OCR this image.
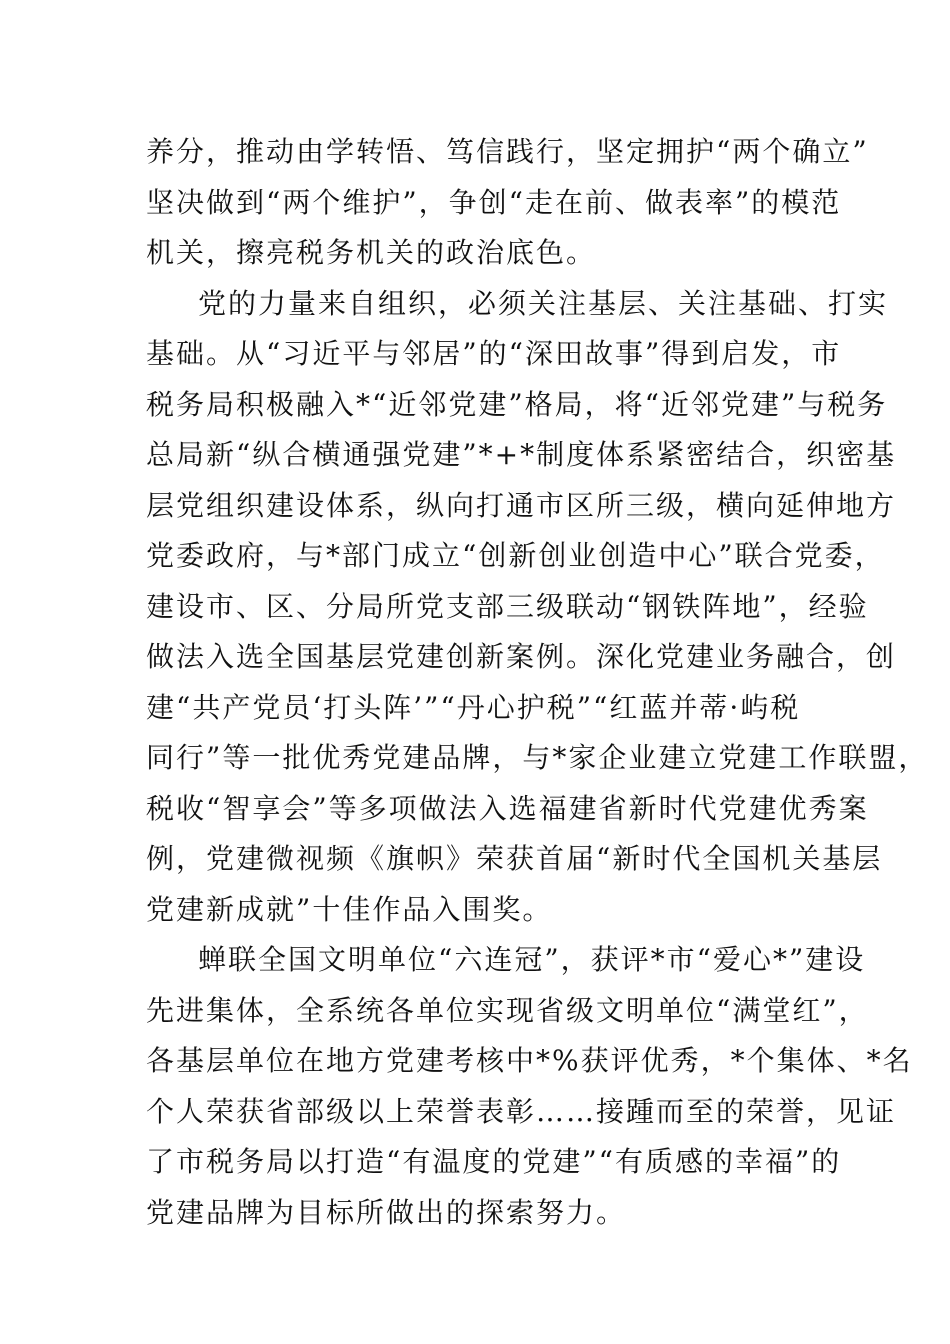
养分，推动由学转悟、笃信践行，坚定拥护“两个确立”

坚决做到“两个维护”，争创“走在前、做表率”的模范

机关，擦亮税务机关的政治底色。

党的力量来自组织，必须关注基层、关注基础、打实

基础。从“习近平与邻居”的“深田故事”得到启发，市

税务局积极融入*“近邻党建”格局，将“近邻党建”与税务

总局新“纵合横通强党建”*+*制度体系紧密结合，织密基

层党组织建设体系，纵向打通市区所三级，横向延伸地方

党委政府，与*部门成立“创新创业创造中心”联合党委，

建设市、区、分局所党支部三级联动“钢铁阵地”，经验

做法入选全国基层党建创新案例。深化党建业务融合，创

建“共产党员‘打头阵’”“丹心护税”“红蓝并蒂·屿税

同行”等一批优秀党建品牌，与*家企业建立党建工作联盟，

税收“智享会”等多项做法入选福建省新时代党建优秀案

例，党建微视频《旗帜》荣获首届“新时代全国机关基层

党建新成就”十佳作品入围奖。

蝉联全国文明单位“六连冠”，获评*市“爱心*”建设

先进集体，全系统各单位实现省级文明单位“满堂红”，

各基层单位在地方党建考核中*%获评优秀，*个集体、*名

个人荣获省部级以上荣誉表彰……接踵而至的荣誉，见证

了市税务局以打造“有温度的党建”“有质感的幸福”的

党建品牌为目标所做出的探索努力。
